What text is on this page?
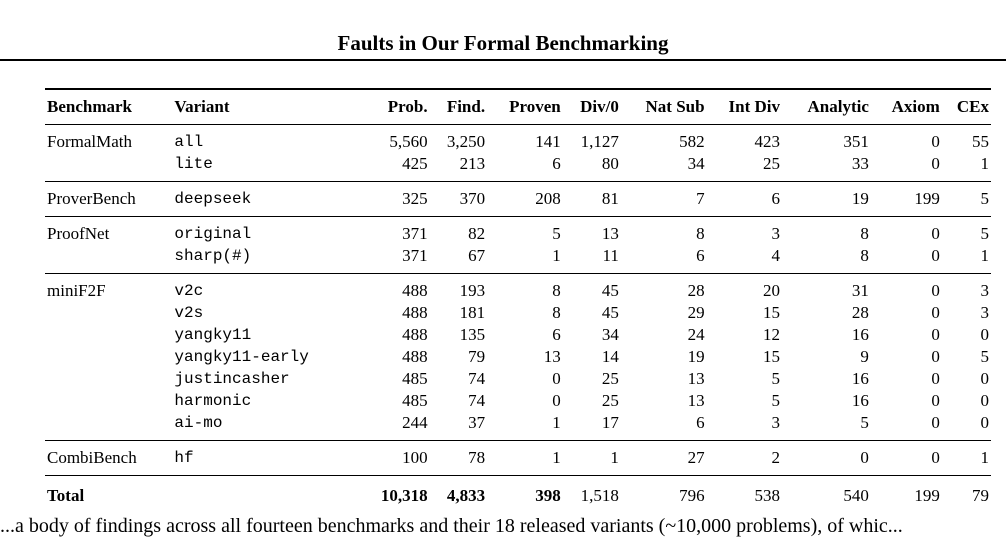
Faults in Our Formal Benchmarking
Benchmark	Variant	Prob.	Find.	Proven	Div/0	Nat Sub	Int Div	Analytic	Axiom	CEx
FormalMath	all	5,560	3,250	141	1,127	582	423	351	0	55
	lite	425	213	6	80	34	25	33	0	1
ProverBench	deepseek	325	370	208	81	7	6	19	199	5
ProofNet	original	371	82	5	13	8	3	8	0	5
	sharp(#)	371	67	1	11	6	4	8	0	1
miniF2F	v2c	488	193	8	45	28	20	31	0	3
	v2s	488	181	8	45	29	15	28	0	3
	yangky11	488	135	6	34	24	12	16	0	0
	yangky11-early	488	79	13	14	19	15	9	0	5
	justincasher	485	74	0	25	13	5	16	0	0
	harmonic	485	74	0	25	13	5	16	0	0
	ai-mo	244	37	1	17	6	3	5	0	0
CombiBench	hf	100	78	1	1	27	2	0	0	1
Total		10,318	4,833	398	1,518	796	538	540	199	79
...a body of findings across all fourteen benchmarks and their 18 released variants (~10,000 problems), of whic...
